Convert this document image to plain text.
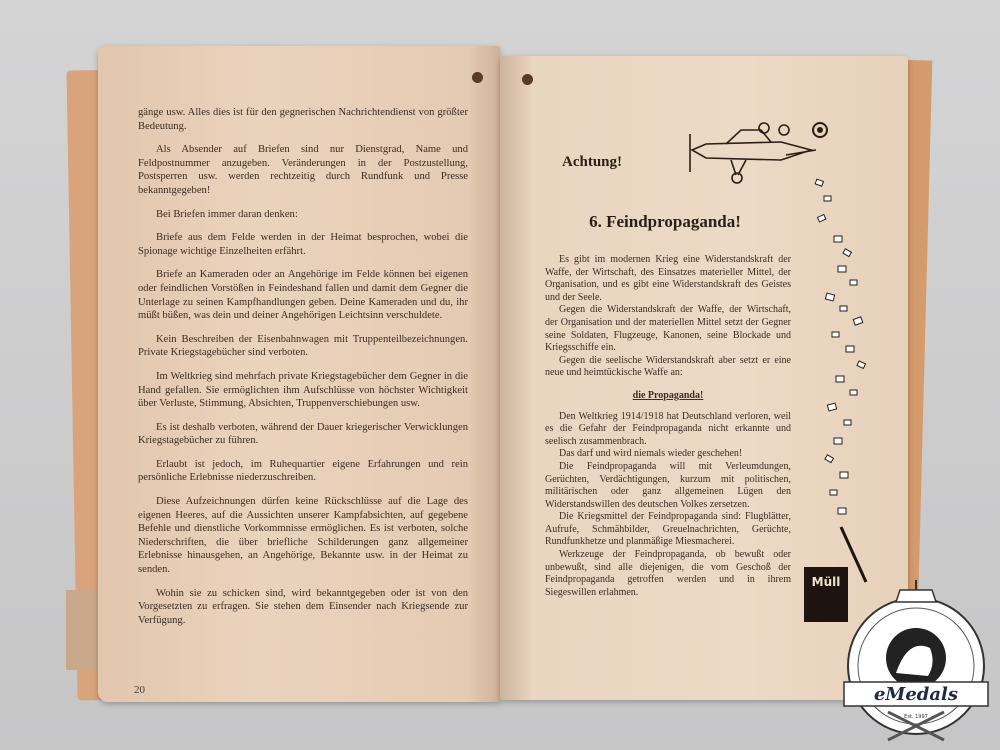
gänge usw. Alles dies ist für den gegnerischen Nachrichtendienst von größter Bedeutung.

Als Absender auf Briefen sind nur Dienstgrad, Name und Feldpostnummer anzugeben. Veränderungen in der Postzustellung, Postsperren usw. werden rechtzeitig durch Rundfunk und Presse bekanntgegeben!

Bei Briefen immer daran denken:

Briefe aus dem Felde werden in der Heimat besprochen, wobei die Spionage wichtige Einzelheiten erfährt.

Briefe an Kameraden oder an Angehörige im Felde können bei eigenen oder feindlichen Vorstößen in Feindeshand fallen und damit dem Gegner die Unterlage zu seinen Kampfhandlungen geben. Deine Kameraden und du, ihr müßt büßen, was dein und deiner Angehörigen Leichtsinn verschuldete.

Kein Beschreiben der Eisenbahnwagen mit Truppenteilbezeichnungen. Private Kriegstagebücher sind verboten.

Im Weltkrieg sind mehrfach private Kriegstagebücher dem Gegner in die Hand gefallen. Sie ermöglichten ihm Aufschlüsse von höchster Wichtigkeit über Verluste, Stimmung, Absichten, Truppenverschiebungen usw.

Es ist deshalb verboten, während der Dauer kriegerischer Verwicklungen Kriegstagebücher zu führen.

Erlaubt ist jedoch, im Ruhequartier eigene Erfahrungen und rein persönliche Erlebnisse niederzuschreiben.

Diese Aufzeichnungen dürfen keine Rückschlüsse auf die Lage des eigenen Heeres, auf die Aussichten unserer Kampfabsichten, auf gegebene Befehle und dienstliche Vorkommnisse ermöglichen. Es ist verboten, solche Niederschriften, die über briefliche Schilderungen ganz allgemeiner Erlebnisse hinausgehen, an Angehörige, Bekannte usw. in der Heimat zu senden.

Wohin sie zu schicken sind, wird bekanntgegeben oder ist von den Vorgesetzten zu erfragen. Sie stehen dem Einsender nach Kriegsende zur Verfügung.

20
Achtung!
6. Feindpropaganda!

Es gibt im modernen Krieg eine Widerstandskraft der Waffe, der Wirtschaft, des Einsatzes materieller Mittel, der Organisation, und es gibt eine Widerstandskraft des Geistes und der Seele.

Gegen die Widerstandskraft der Waffe, der Wirtschaft, der Organisation und der materiellen Mittel setzt der Gegner seine Soldaten, Flugzeuge, Kanonen, seine Blockade und Kriegsschiffe ein.

Gegen die seelische Widerstandskraft aber setzt er eine neue und heimtückische Waffe an:

die Propaganda!

Den Weltkrieg 1914/1918 hat Deutschland verloren, weil es die Gefahr der Feindpropaganda nicht erkannte und seelisch zusammenbrach.

Das darf und wird niemals wieder geschehen!

Die Feindpropaganda will mit Verleumdungen, Gerüchten, Verdächtigungen, kurzum mit politischen, militärischen oder ganz allgemeinen Lügen den Widerstandswillen des deutschen Volkes zersetzen.

Die Kriegsmittel der Feindpropaganda sind: Flugblätter, Aufrufe, Schmähbilder, Greuelnachrichten, Gerüchte, Rundfunkhetze und planmäßige Miesmacherei.

Werkzeuge der Feindpropaganda, ob bewußt oder unbewußt, sind alle diejenigen, die vom Geschoß der Feindpropaganda getroffen werden und in ihrem Siegeswillen erlahmen.

Müll
eMedals
Est. 1997
